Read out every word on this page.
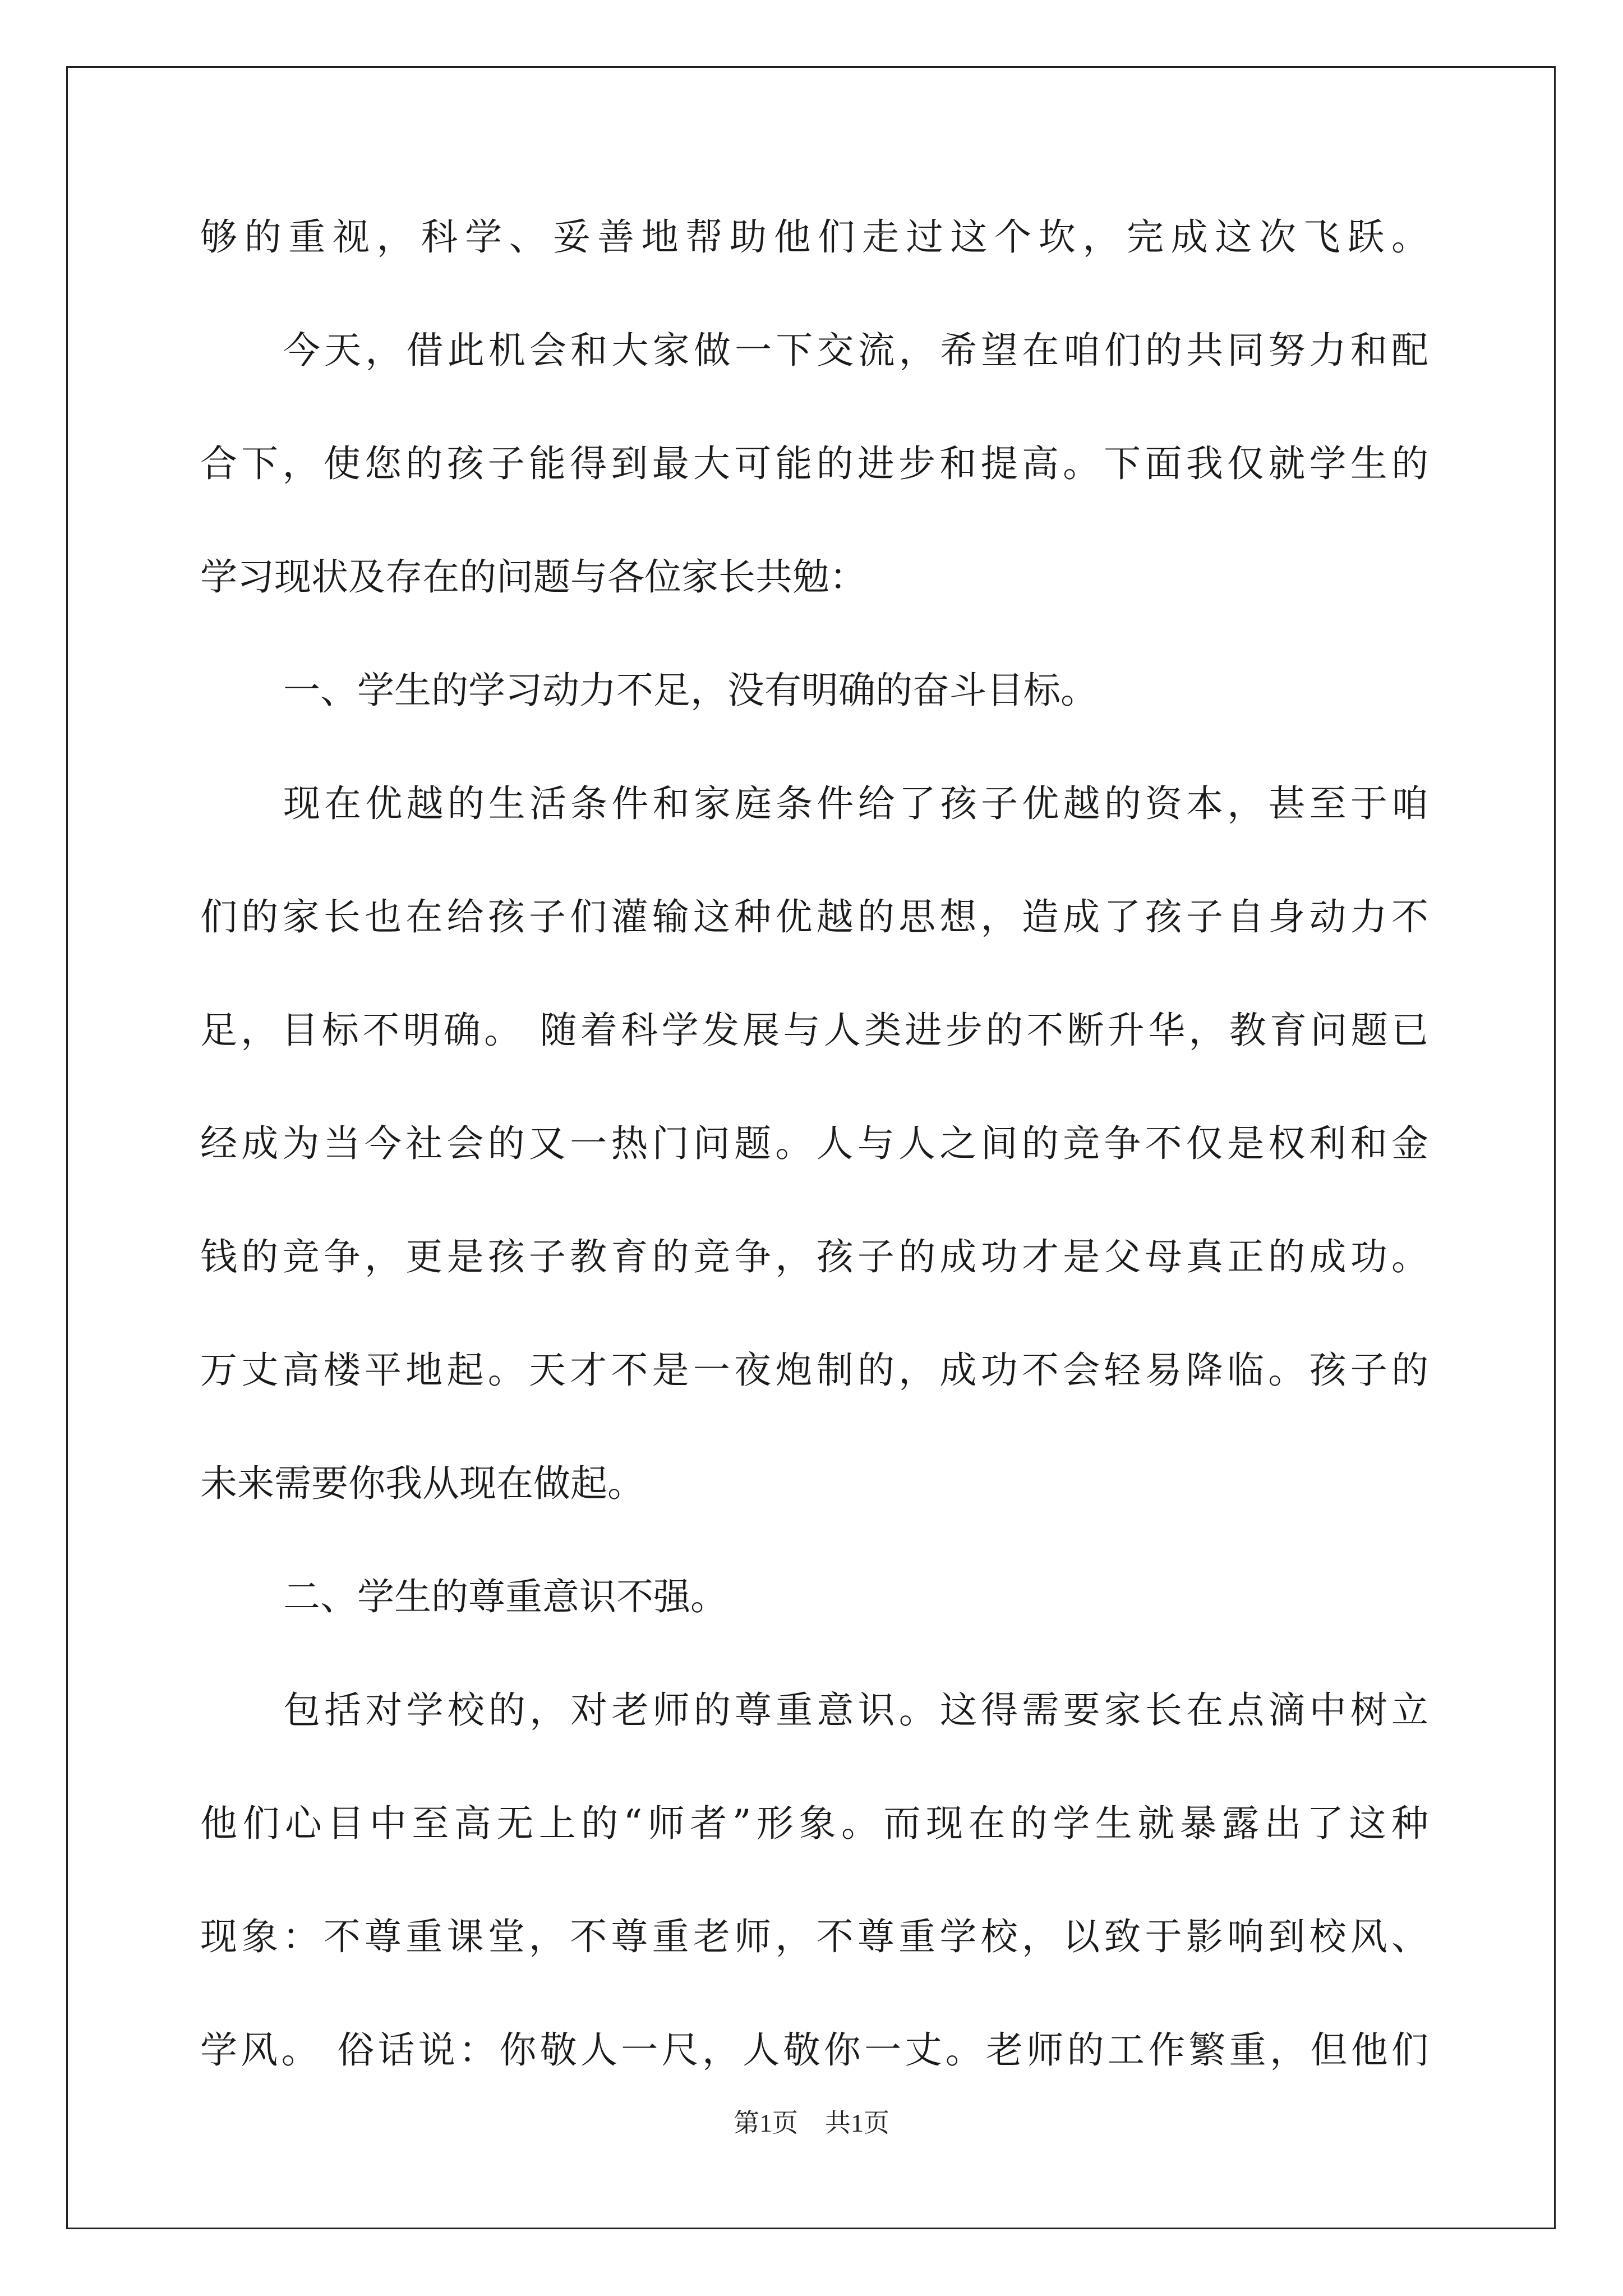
够的重视，科学、妥善地帮助他们走过这个坎，完成这次飞跃。
今天，借此机会和大家做一下交流，希望在咱们的共同努力和配
合下，使您的孩子能得到最大可能的进步和提高。下面我仅就学生的
学习现状及存在的问题与各位家长共勉：
一、学生的学习动力不足，没有明确的奋斗目标。
现在优越的生活条件和家庭条件给了孩子优越的资本，甚至于咱
们的家长也在给孩子们灌输这种优越的思想，造成了孩子自身动力不
足，目标不明确。 随着科学发展与人类进步的不断升华，教育问题已
经成为当今社会的又一热门问题。人与人之间的竞争不仅是权利和金
钱的竞争，更是孩子教育的竞争，孩子的成功才是父母真正的成功。
万丈高楼平地起。天才不是一夜炮制的，成功不会轻易降临。孩子的
未来需要你我从现在做起。
二、学生的尊重意识不强。
包括对学校的，对老师的尊重意识。这得需要家长在点滴中树立
他们心目中至高无上的“师者”形象。而现在的学生就暴露出了这种
现象：不尊重课堂，不尊重老师，不尊重学校，以致于影响到校风、
学风。 俗话说：你敬人一尺，人敬你一丈。老师的工作繁重，但他们
第1页 共1页
